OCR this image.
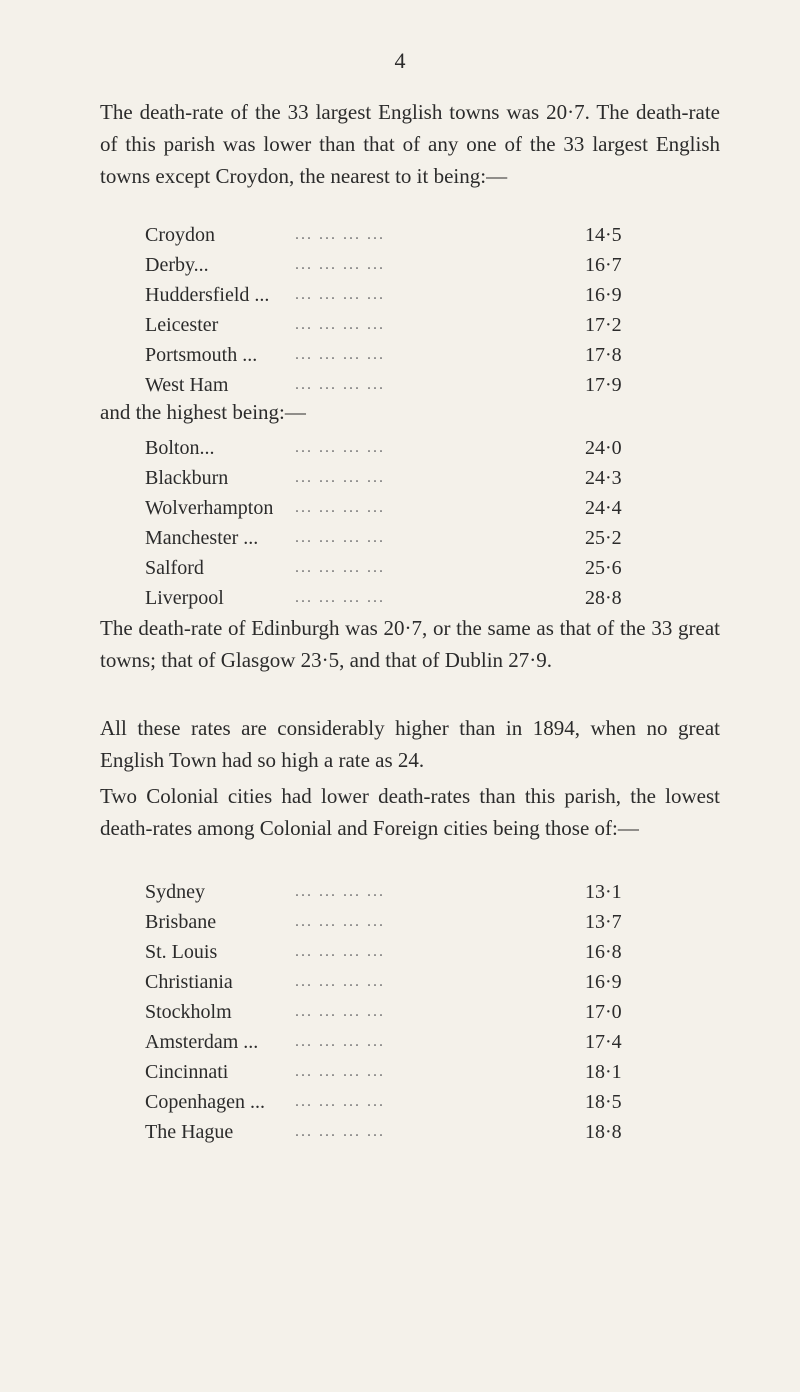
4

The death-rate of the 33 largest English towns was 20·7. The death-rate of this parish was lower than that of any one of the 33 largest English towns except Croydon, the nearest to it being:—

Croydon	... ... ... ...	14·5
Derby...	... ... ... ...	16·7
Huddersfield ... ... ... ... ...	16·9
Leicester	... ... ... ...	17·2
Portsmouth ... ... ... ... ...	17·8
West Ham	... ... ... ...	17·9

and the highest being:—

Bolton...	... ... ... ...	24·0
Blackburn	... ... ... ...	24·3
Wolverhampton ... ... ... ...	24·4
Manchester ... ... ... ... ...	25·2
Salford	... ... ... ...	25·6
Liverpool	... ... ... ...	28·8

The death-rate of Edinburgh was 20·7, or the same as that of the 33 great towns; that of Glasgow 23·5, and that of Dublin 27·9.

All these rates are considerably higher than in 1894, when no great English Town had so high a rate as 24.

Two Colonial cities had lower death-rates than this parish, the lowest death-rates among Colonial and Foreign cities being those of:—

Sydney	... ... ... ...	13·1
Brisbane	... ... ... ...	13·7
St. Louis	... ... ... ...	16·8
Christiania	... ... ... ...	16·9
Stockholm	... ... ... ...	17·0
Amsterdam ... ... ... ... ...	17·4
Cincinnati	... ... ... ...	18·1
Copenhagen ... ... ... ... ...	18·5
The Hague	... ... ... ...	18·8
